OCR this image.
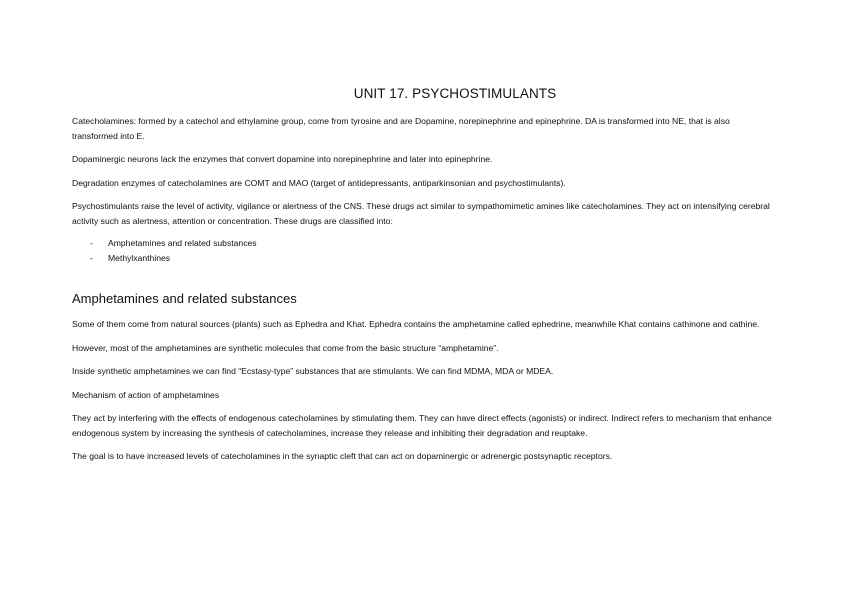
UNIT 17. PSYCHOSTIMULANTS

Catecholamines: formed by a catechol and ethylamine group, come from tyrosine and are Dopamine, norepinephrine and epinephrine. DA is transformed into NE, that is also transformed into E.

Dopaminergic neurons lack the enzymes that convert dopamine into norepinephrine and later into epinephrine.

Degradation enzymes of catecholamines are COMT and MAO (target of antidepressants, antiparkinsonian and psychostimulants).

Psychostimulants raise the level of activity, vigilance or alertness of the CNS. These drugs act similar to sympathomimetic amines like catecholamines. They act on intensifying cerebral activity such as alertness, attention or concentration. These drugs are classified into:

-	Amphetamines and related substances
-	Methylxanthines
Amphetamines and related substances

Some of them come from natural sources (plants) such as Ephedra and Khat. Ephedra contains the amphetamine called ephedrine, meanwhile Khat contains cathinone and cathine.

However, most of the amphetamines are synthetic molecules that come from the basic structure “amphetamine”.

Inside synthetic amphetamines we can find “Ecstasy-type” substances that are stimulants. We can find MDMA, MDA or MDEA.

Mechanism of action of amphetamines

They act by interfering with the effects of endogenous catecholamines by stimulating them. They can have direct effects (agonists) or indirect. Indirect refers to mechanism that enhance endogenous system by increasing the synthesis of catecholamines, increase they release and inhibiting their degradation and reuptake.

The goal is to have increased levels of catecholamines in the synaptic cleft that can act on dopaminergic or adrenergic postsynaptic receptors.
